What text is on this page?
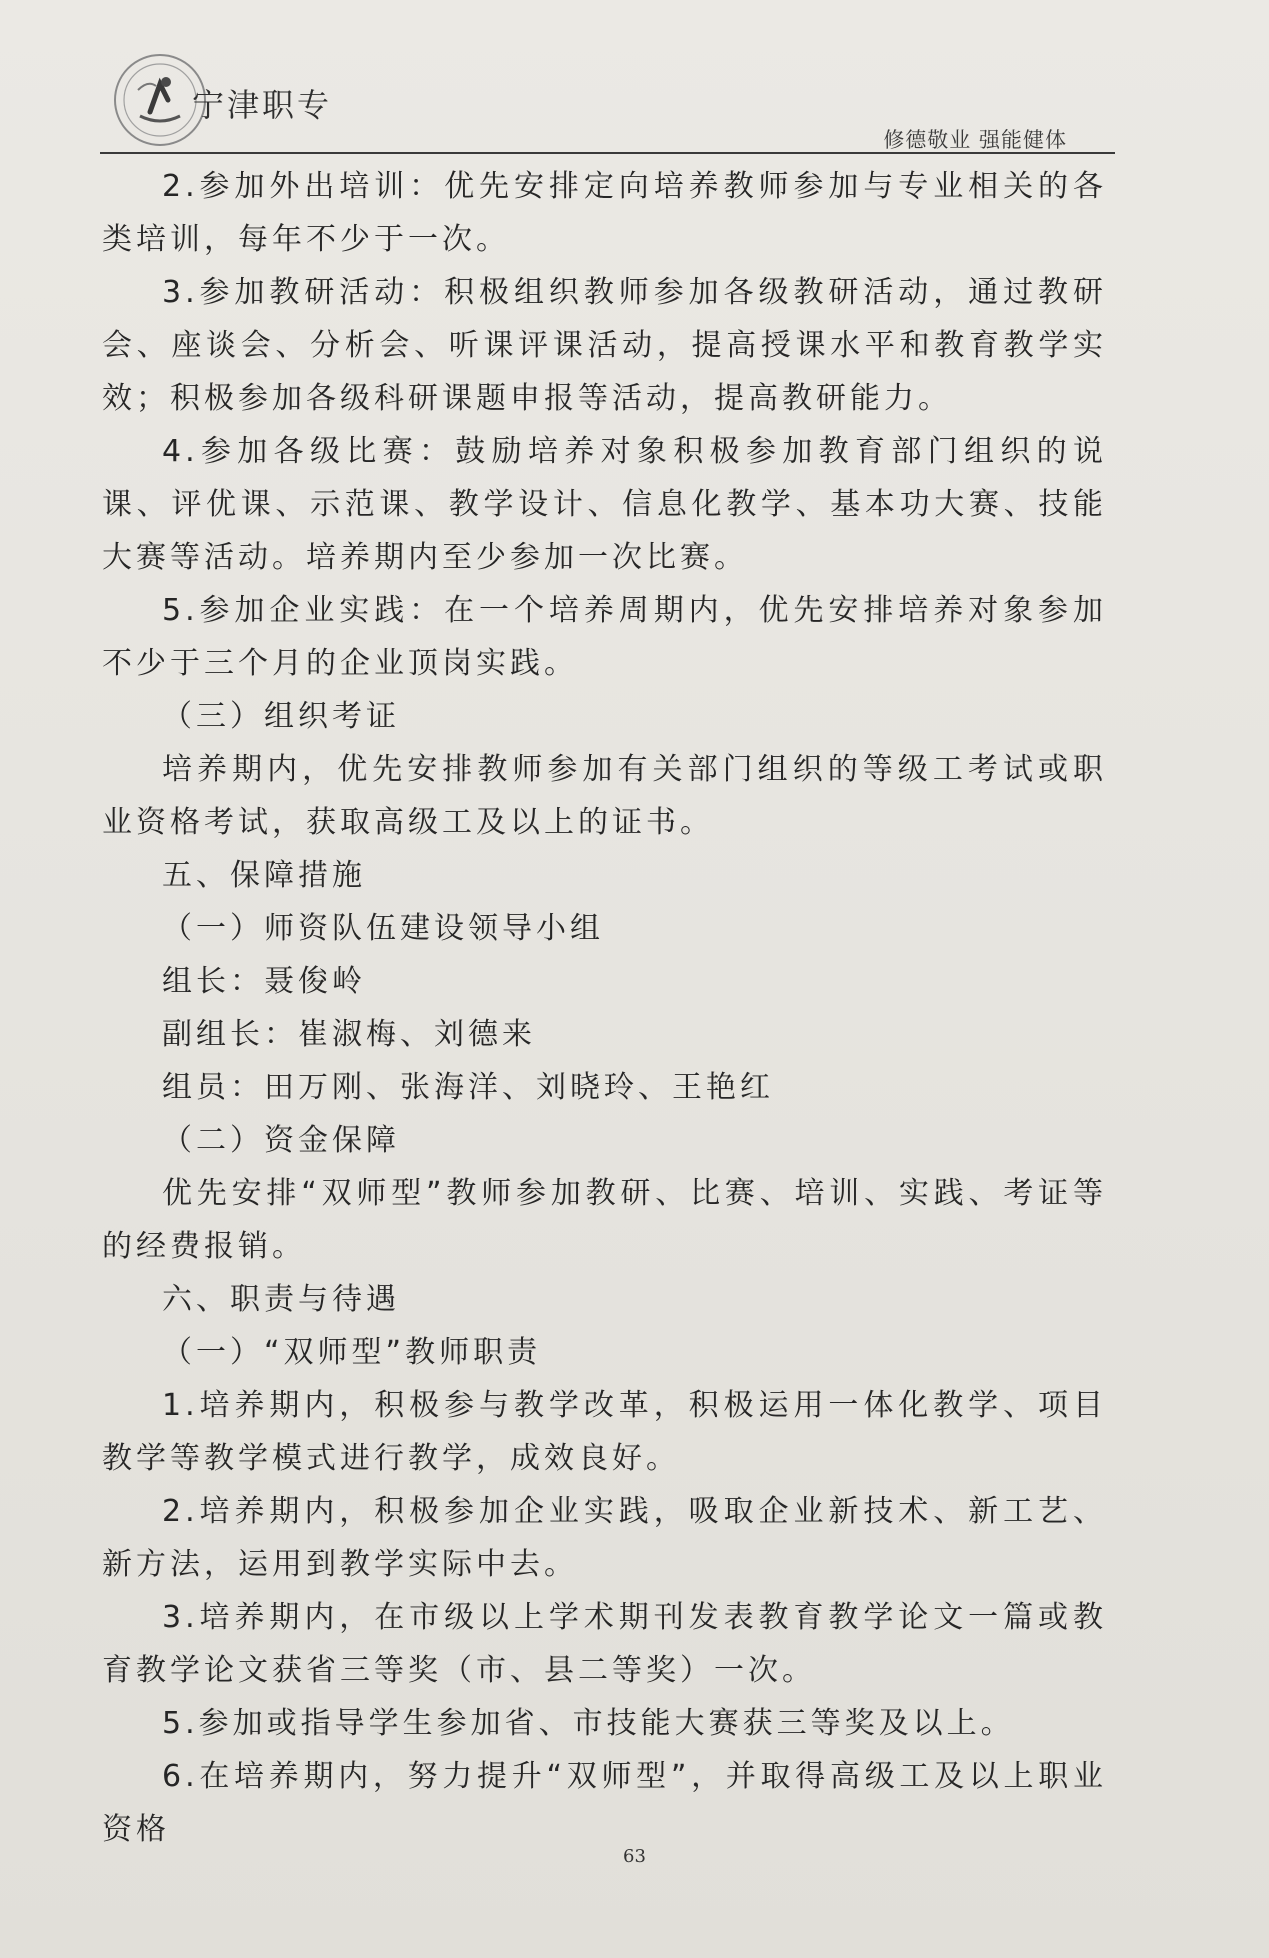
宁津职专
修德敬业 强能健体

2.参加外出培训：优先安排定向培养教师参加与专业相关的各类培训，每年不少于一次。

3.参加教研活动：积极组织教师参加各级教研活动，通过教研会、座谈会、分析会、听课评课活动，提高授课水平和教育教学实效；积极参加各级科研课题申报等活动，提高教研能力。

4.参加各级比赛：鼓励培养对象积极参加教育部门组织的说课、评优课、示范课、教学设计、信息化教学、基本功大赛、技能大赛等活动。培养期内至少参加一次比赛。

5.参加企业实践：在一个培养周期内，优先安排培养对象参加不少于三个月的企业顶岗实践。

（三）组织考证

培养期内，优先安排教师参加有关部门组织的等级工考试或职业资格考试，获取高级工及以上的证书。

五、保障措施

（一）师资队伍建设领导小组

组长：聂俊岭

副组长：崔淑梅、刘德来

组员：田万刚、张海洋、刘晓玲、王艳红

（二）资金保障

优先安排“双师型”教师参加教研、比赛、培训、实践、考证等的经费报销。

六、职责与待遇

（一）“双师型”教师职责

1.培养期内，积极参与教学改革，积极运用一体化教学、项目教学等教学模式进行教学，成效良好。

2.培养期内，积极参加企业实践，吸取企业新技术、新工艺、新方法，运用到教学实际中去。

3.培养期内，在市级以上学术期刊发表教育教学论文一篇或教育教学论文获省三等奖（市、县二等奖）一次。

5.参加或指导学生参加省、市技能大赛获三等奖及以上。

6.在培养期内，努力提升“双师型”，并取得高级工及以上职业资格

63
